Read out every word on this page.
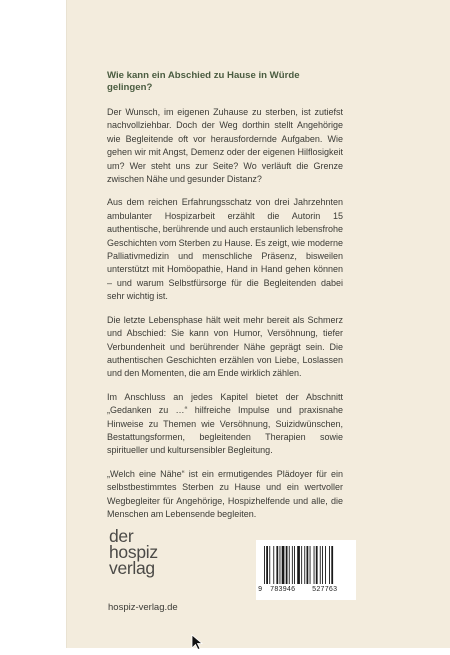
Wie kann ein Abschied zu Hause in Würde gelingen?

Der Wunsch, im eigenen Zuhause zu sterben, ist zutiefst nachvollziehbar. Doch der Weg dorthin stellt Angehörige wie Begleitende oft vor herausfordernde Aufgaben. Wie gehen wir mit Angst, Demenz oder der eigenen Hilflosigkeit um? Wer steht uns zur Seite? Wo verläuft die Grenze zwischen Nähe und gesunder Distanz?

Aus dem reichen Erfahrungsschatz von drei Jahrzehnten ambulanter Hospizarbeit erzählt die Autorin 15 authentische, berührende und auch erstaunlich lebensfrohe Geschichten vom Sterben zu Hause. Es zeigt, wie moderne Palliativmedizin und menschliche Präsenz, bisweilen unterstützt mit Homöopathie, Hand in Hand gehen können – und warum Selbstfürsorge für die Begleitenden dabei sehr wichtig ist.

Die letzte Lebensphase hält weit mehr bereit als Schmerz und Abschied: Sie kann von Humor, Versöhnung, tiefer Verbundenheit und berührender Nähe geprägt sein. Die authentischen Geschichten erzählen von Liebe, Loslassen und den Momenten, die am Ende wirklich zählen.

Im Anschluss an jedes Kapitel bietet der Abschnitt „Gedanken zu …“ hilfreiche Impulse und praxisnahe Hinweise zu Themen wie Versöhnung, Suizidwünschen, Bestattungsformen, begleitenden Therapien sowie spiritueller und kultursensibler Begleitung.

„Welch eine Nähe“ ist ein ermutigendes Plädoyer für ein selbstbestimmtes Sterben zu Hause und ein wertvoller Wegbegleiter für Angehörige, Hospizhelfende und alle, die Menschen am Lebensende begleiten.

der
hospiz
verlag
hospiz-verlag.de
9 783946 527763
